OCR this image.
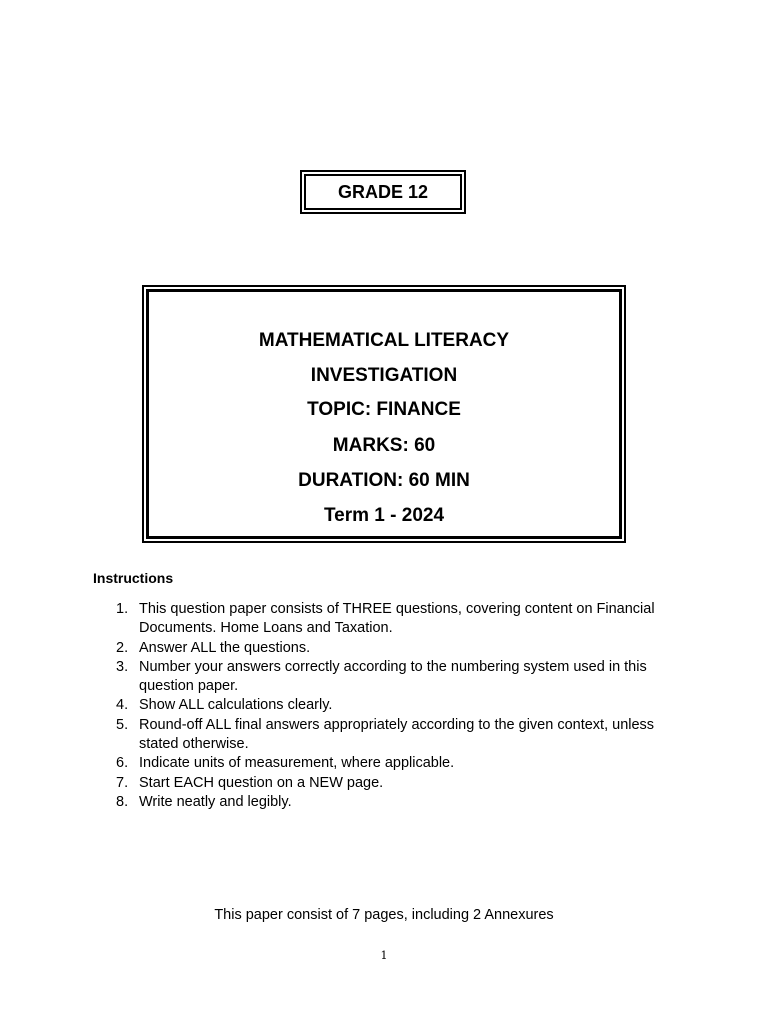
GRADE 12
MATHEMATICAL LITERACY
INVESTIGATION
TOPIC: FINANCE
MARKS: 60
DURATION: 60 MIN
Term 1 - 2024
Instructions
1. This question paper consists of THREE questions, covering content on Financial Documents. Home Loans and Taxation.
2. Answer ALL the questions.
3. Number your answers correctly according to the numbering system used in this question paper.
4. Show ALL calculations clearly.
5. Round-off ALL final answers appropriately according to the given context, unless stated otherwise.
6. Indicate units of measurement, where applicable.
7. Start EACH question on a NEW page.
8. Write neatly and legibly.
This paper consist of 7 pages, including 2 Annexures
1
